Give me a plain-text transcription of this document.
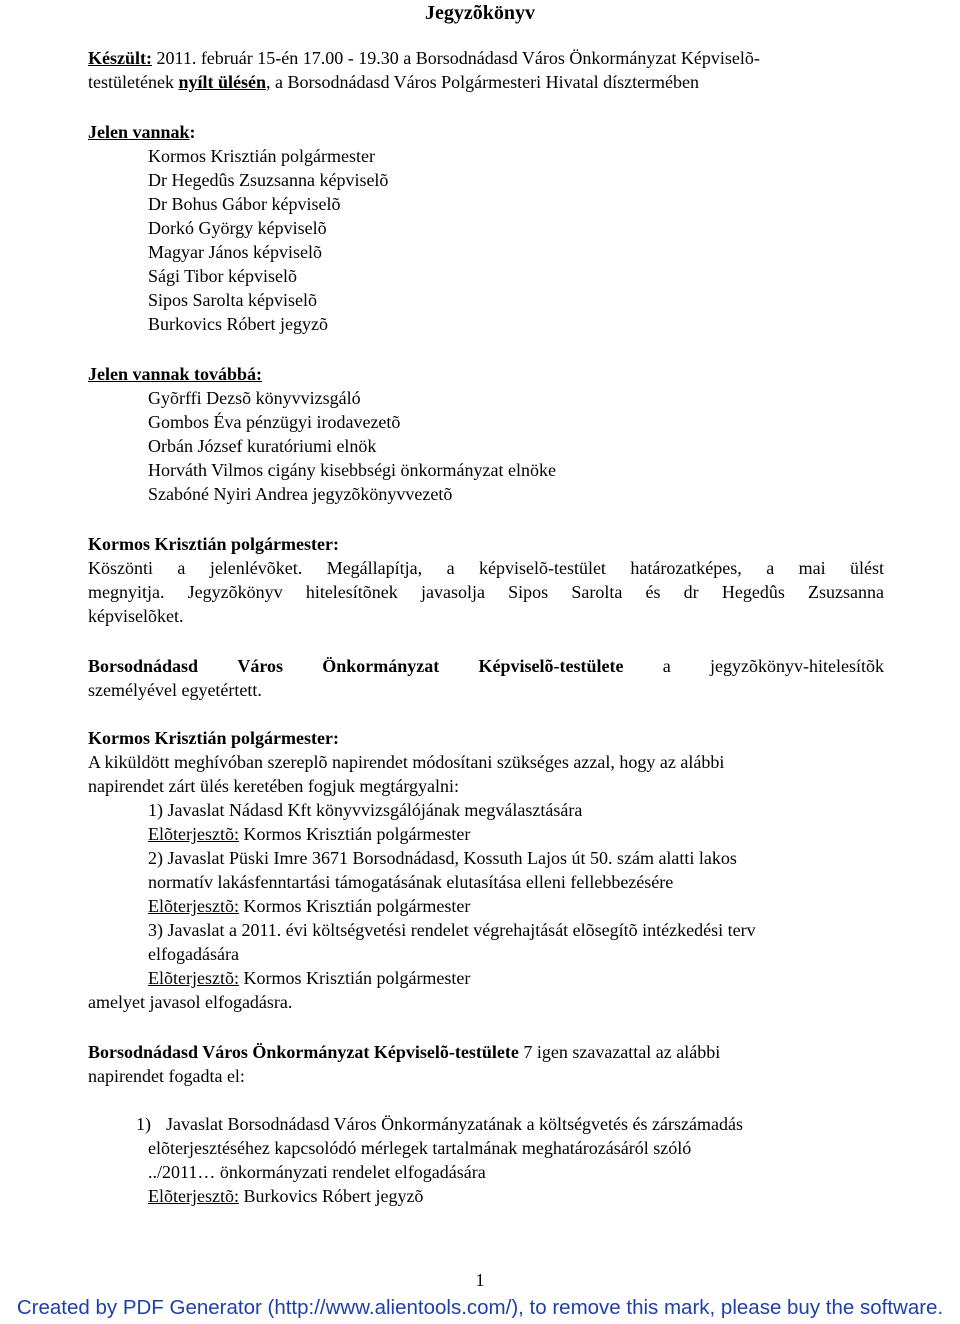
Jegyzõkönyv
Készült: 2011. február 15-én 17.00 - 19.30 a Borsodnádasd Város Önkormányzat Képviselõ-
testületének nyílt ülésén, a Borsodnádasd Város Polgármesteri Hivatal dísztermében
Jelen vannak:
Kormos Krisztián polgármester
Dr Hegedûs Zsuzsanna képviselõ
Dr Bohus Gábor képviselõ
Dorkó György képviselõ
Magyar János képviselõ
Sági Tibor képviselõ
Sipos Sarolta képviselõ
Burkovics Róbert jegyzõ
Jelen vannak továbbá:
Gyõrffi Dezsõ könyvvizsgáló
Gombos Éva pénzügyi irodavezetõ
Orbán József kuratóriumi elnök
Horváth Vilmos cigány kisebbségi önkormányzat elnöke
Szabóné Nyiri Andrea jegyzõkönyvvezetõ
Kormos Krisztián polgármester:
Köszönti a jelenlévõket. Megállapítja, a képviselõ-testület határozatképes, a mai ülést
megnyitja. Jegyzõkönyv hitelesítõnek javasolja Sipos Sarolta és dr Hegedûs Zsuzsanna
képviselõket.
Borsodnádasd Város Önkormányzat Képviselõ-testülete a jegyzõkönyv-hitelesítõk
személyével egyetértett.
Kormos Krisztián polgármester:
A kiküldött meghívóban szereplõ napirendet módosítani szükséges azzal, hogy az alábbi
napirendet zárt ülés keretében fogjuk megtárgyalni:
1) Javaslat Nádasd Kft könyvvizsgálójának megválasztására
Elõterjesztõ: Kormos Krisztián polgármester
2) Javaslat Püski Imre 3671 Borsodnádasd, Kossuth Lajos út 50. szám alatti lakos
normatív lakásfenntartási támogatásának elutasítása elleni fellebbezésére
Elõterjesztõ: Kormos Krisztián polgármester
3) Javaslat a 2011. évi költségvetési rendelet végrehajtását elõsegítõ intézkedési terv
elfogadására
Elõterjesztõ: Kormos Krisztián polgármester
amelyet javasol elfogadásra.
Borsodnádasd Város Önkormányzat Képviselõ-testülete 7 igen szavazattal az alábbi
napirendet fogadta el:
1) Javaslat Borsodnádasd Város Önkormányzatának a költségvetés és zárszámadás
elõterjesztéséhez kapcsolódó mérlegek tartalmának meghatározásáról szóló
../2011… önkormányzati rendelet elfogadására
Elõterjesztõ: Burkovics Róbert jegyzõ
1
Created by PDF Generator (http://www.alientools.com/), to remove this mark, please buy the software.
